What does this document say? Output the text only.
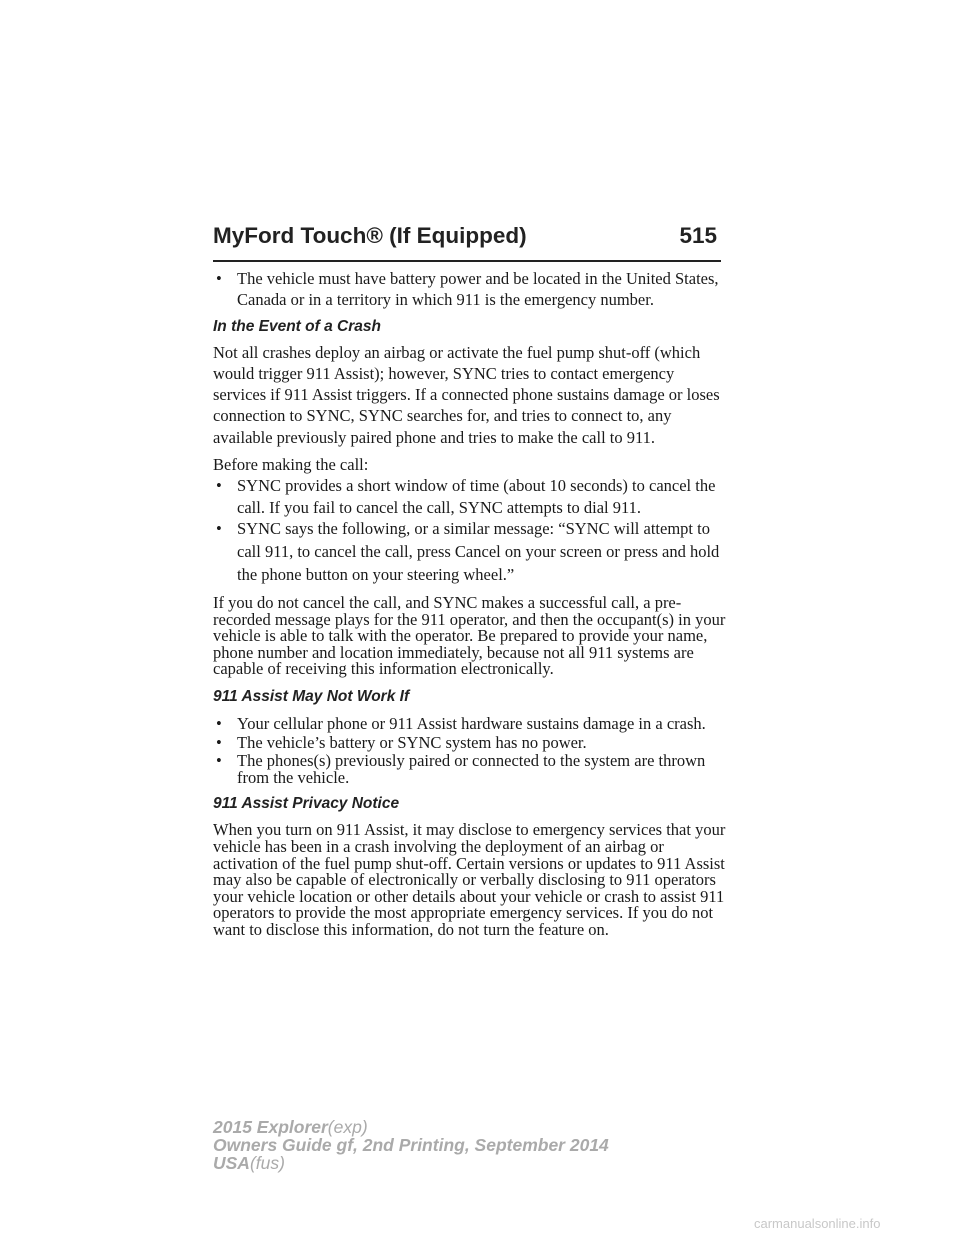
MyFord Touch® (If Equipped)	515
• The vehicle must have battery power and be located in the United States, Canada or in a territory in which 911 is the emergency number.

In the Event of a Crash

Not all crashes deploy an airbag or activate the fuel pump shut-off (which would trigger 911 Assist); however, SYNC tries to contact emergency services if 911 Assist triggers. If a connected phone sustains damage or loses connection to SYNC, SYNC searches for, and tries to connect to, any available previously paired phone and tries to make the call to 911.

Before making the call:

• SYNC provides a short window of time (about 10 seconds) to cancel the call. If you fail to cancel the call, SYNC attempts to dial 911.
• SYNC says the following, or a similar message: “SYNC will attempt to call 911, to cancel the call, press Cancel on your screen or press and hold the phone button on your steering wheel.”

If you do not cancel the call, and SYNC makes a successful call, a pre-recorded message plays for the 911 operator, and then the occupant(s) in your vehicle is able to talk with the operator. Be prepared to provide your name, phone number and location immediately, because not all 911 systems are capable of receiving this information electronically.

911 Assist May Not Work If

• Your cellular phone or 911 Assist hardware sustains damage in a crash.
• The vehicle’s battery or SYNC system has no power.
• The phones(s) previously paired or connected to the system are thrown from the vehicle.

911 Assist Privacy Notice

When you turn on 911 Assist, it may disclose to emergency services that your vehicle has been in a crash involving the deployment of an airbag or activation of the fuel pump shut-off. Certain versions or updates to 911 Assist may also be capable of electronically or verbally disclosing to 911 operators your vehicle location or other details about your vehicle or crash to assist 911 operators to provide the most appropriate emergency services. If you do not want to disclose this information, do not turn the feature on.

2015 Explorer(exp)
Owners Guide gf, 2nd Printing, September 2014
USA(fus)
carmanualsonline.info
